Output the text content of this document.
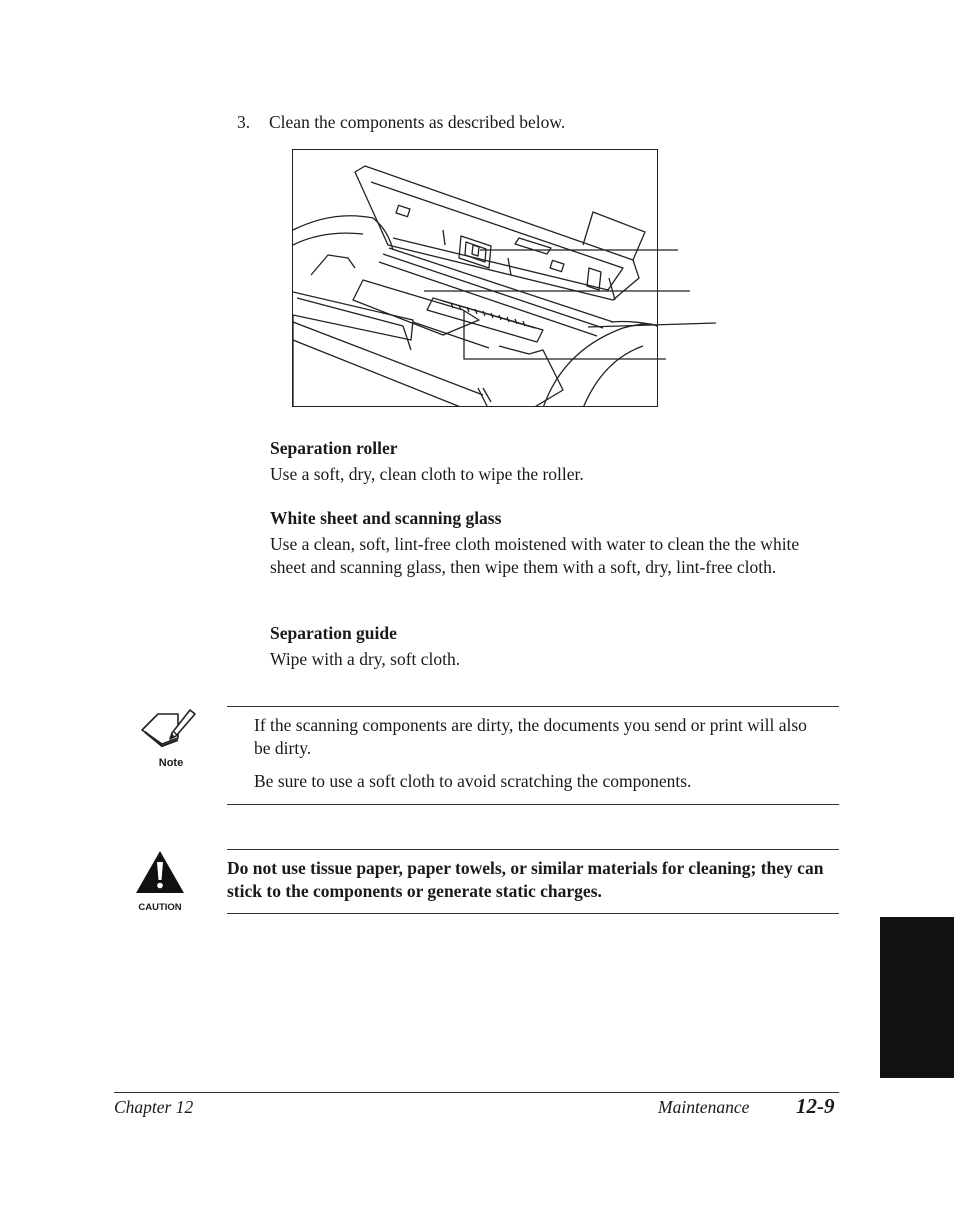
3. Clean the components as described below.
Separation roller
Use a soft, dry, clean cloth to wipe the roller.
White sheet and scanning glass
Use a clean, soft, lint-free cloth moistened with water to clean the the white sheet and scanning glass, then wipe them with a soft, dry, lint-free cloth.
Separation guide
Wipe with a dry, soft cloth.
Note
If the scanning components are dirty, the documents you send or print will also be dirty.
Be sure to use a soft cloth to avoid scratching the components.
CAUTION
Do not use tissue paper, paper towels, or similar materials for cleaning; they can stick to the components or generate static charges.
Chapter 12	Maintenance 12-9
